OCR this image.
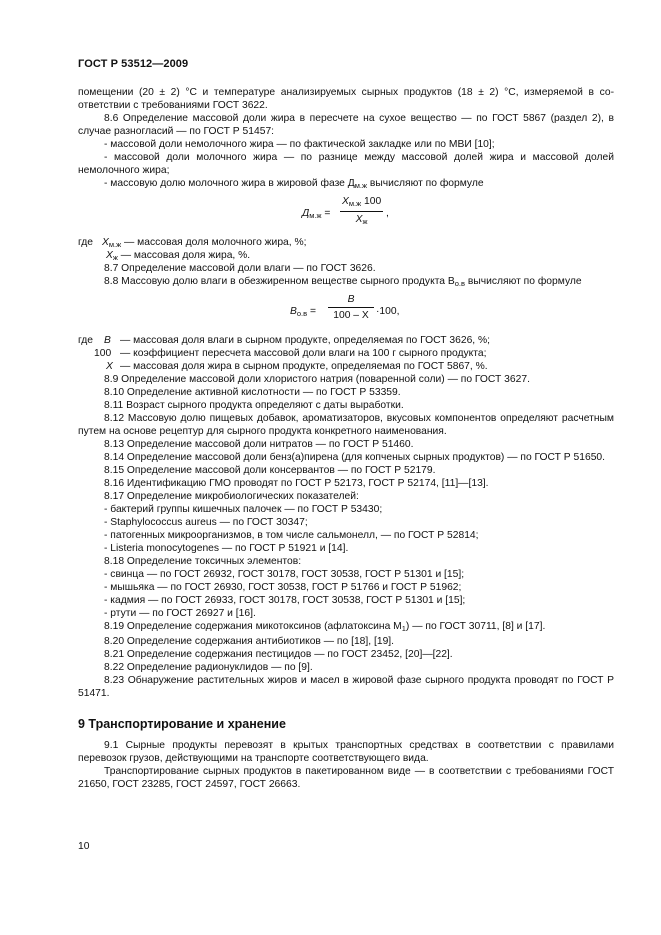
ГОСТ Р 53512—2009

помещении (20 ± 2) °С и температуре анализируемых сырных продуктов (18 ± 2) °С, измеряемой в соответствии с требованиями ГОСТ 3622.

8.6 Определение массовой доли жира в пересчете на сухое вещество — по ГОСТ 5867 (раздел 2), в случае разногласий — по ГОСТ Р 51457:

- массовой доли немолочного жира — по фактической закладке или по МВИ [10];

- массовой доли молочного жира — по разнице между массовой долей жира и массовой долей немолочного жира;

- массовую долю молочного жира в жировой фазе $Д_{м.ж}$ вычисляют по формуле

$Д_{м.ж}$ =
$X_{м.ж}$ 100
$X_ж$
,
где $X_{м.ж}$ — массовая доля молочного жира, %;
$X_ж$ — массовая доля жира, %.

8.7 Определение массовой доли влаги — по ГОСТ 3626.

8.8 Массовую долю влаги в обезжиренном веществе сырного продукта $В_{о.в}$ вычисляют по формуле

$В_{о.в}$ =
В
100 – X ·100,
где В — массовая доля влаги в сырном продукте, определяемая по ГОСТ 3626, %;
100 — коэффициент пересчета массовой доли влаги на 100 г сырного продукта;
X — массовая доля жира в сырном продукте, определяемая по ГОСТ 5867, %.

8.9 Определение массовой доли хлористого натрия (поваренной соли) — по ГОСТ 3627.

8.10 Определение активной кислотности — по ГОСТ Р 53359.

8.11 Возраст сырного продукта определяют с даты выработки.

8.12 Массовую долю пищевых добавок, ароматизаторов, вкусовых компонентов определяют расчетным путем на основе рецептур для сырного продукта конкретного наименования.

8.13 Определение массовой доли нитратов — по ГОСТ Р 51460.

8.14 Определение массовой доли бенз(а)пирена (для копченых сырных продуктов) — по ГОСТ Р 51650.

8.15 Определение массовой доли консервантов — по ГОСТ Р 52179.

8.16 Идентификацию ГМО проводят по ГОСТ Р 52173, ГОСТ Р 52174, [11]—[13].

8.17 Определение микробиологических показателей:

- бактерий группы кишечных палочек — по ГОСТ Р 53430;

- Staphylococcus aureus — по ГОСТ 30347;

- патогенных микроорганизмов, в том числе сальмонелл, — по ГОСТ Р 52814;

- Listeria monocytogenes — по ГОСТ Р 51921 и [14].

8.18 Определение токсичных элементов:

- свинца — по ГОСТ 26932, ГОСТ 30178, ГОСТ 30538, ГОСТ Р 51301 и [15];

- мышьяка — по ГОСТ 26930, ГОСТ 30538, ГОСТ Р 51766 и ГОСТ Р 51962;

- кадмия — по ГОСТ 26933, ГОСТ 30178, ГОСТ 30538, ГОСТ Р 51301 и [15];

- ртути — по ГОСТ 26927 и [16].

8.19 Определение содержания микотоксинов (афлатоксина $М_1$) — по ГОСТ 30711, [8] и [17].

8.20 Определение содержания антибиотиков — по [18], [19].

8.21 Определение содержания пестицидов — по ГОСТ 23452, [20]—[22].

8.22 Определение радионуклидов — по [9].

8.23 Обнаружение растительных жиров и масел в жировой фазе сырного продукта проводят по ГОСТ Р 51471.

9 Транспортирование и хранение

9.1 Сырные продукты перевозят в крытых транспортных средствах в соответствии с правилами перевозок грузов, действующими на транспорте соответствующего вида.

Транспортирование сырных продуктов в пакетированном виде — в соответствии с требованиями ГОСТ 21650, ГОСТ 23285, ГОСТ 24597, ГОСТ 26663.

10
